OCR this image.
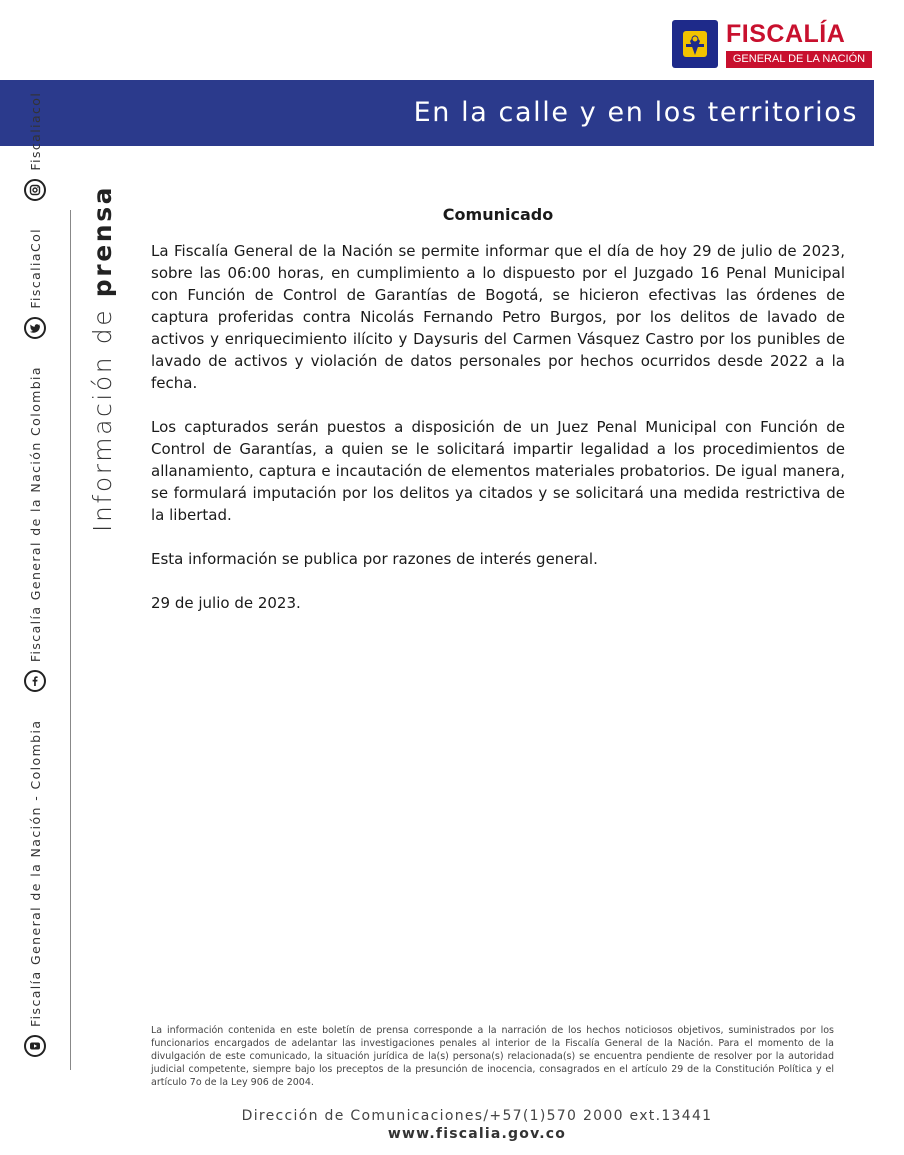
FISCALÍA
GENERAL DE LA NACIÓN
En la calle y en los territorios
Fiscalía General de la Nación - Colombia

Fiscalía General de la Nación Colombia

FiscaliaCol

Fiscaliacol
Información de prensa	Comunicado

La Fiscalía General de la Nación se permite informar que el día de hoy 29 de julio de 2023, sobre las 06:00 horas, en cumplimiento a lo dispuesto por el Juzgado 16 Penal Municipal con Función de Control de Garantías de Bogotá, se hicieron efectivas las órdenes de captura proferidas contra Nicolás Fernando Petro Burgos, por los delitos de lavado de activos y enriquecimiento ilícito y Daysuris del Carmen Vásquez Castro por los punibles de lavado de activos y violación de datos personales por hechos ocurridos desde 2022 a la fecha.

Los capturados serán puestos a disposición de un Juez Penal Municipal con Función de Control de Garantías, a quien se le solicitará impartir legalidad a los procedimientos de allanamiento, captura e incautación de elementos materiales probatorios. De igual manera, se formulará imputación por los delitos ya citados y se solicitará una medida restrictiva de la libertad.

Esta información se publica por razones de interés general.

29 de julio de 2023.

La información contenida en este boletín de prensa corresponde a la narración de los hechos noticiosos objetivos, suministrados por los funcionarios encargados de adelantar las investigaciones penales al interior de la Fiscalía General de la Nación. Para el momento de la divulgación de este comunicado, la situación jurídica de la(s) persona(s) relacionada(s) se encuentra pendiente de resolver por la autoridad judicial competente, siempre bajo los preceptos de la presunción de inocencia, consagrados en el artículo 29 de la Constitución Política y el artículo 7o de la Ley 906 de 2004.
Dirección de Comunicaciones/+57(1)570 2000 ext.13441
www.fiscalia.gov.co
